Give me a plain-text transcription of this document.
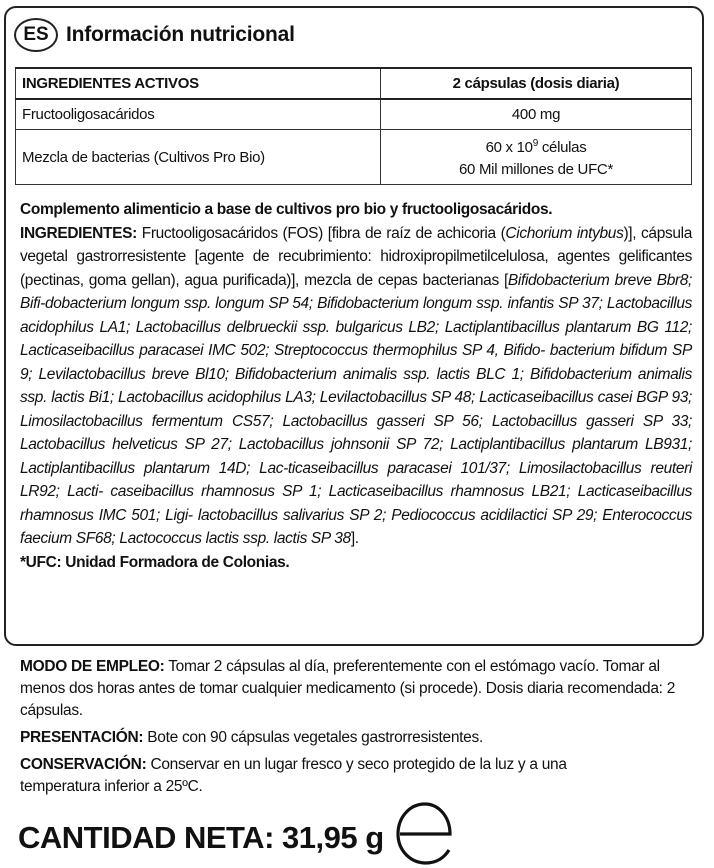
ES Información nutricional
INGREDIENTES ACTIVOS	2 cápsulas (dosis diaria)
Fructooligosacáridos	400 mg
Mezcla de bacterias (Cultivos Pro Bio)	60 x $10^9$ células
60 Mil millones de UFC*
Complemento alimenticio a base de cultivos pro bio y fructooligosacáridos.
INGREDIENTES: Fructooligosacáridos (FOS) [fibra de raíz de achicoria (Cichorium intybus)], cápsula vegetal gastrorresistente [agente de recubrimiento: hidroxipropilmetilcelulosa, agentes gelificantes (pectinas, goma gellan), agua purificada)], mezcla de cepas bacterianas [Bifidobacterium breve Bbr8; Bifi-dobacterium longum ssp. longum SP 54; Bifidobacterium longum ssp. infantis SP 37; Lactobacillus acidophilus LA1; Lactobacillus delbrueckii ssp. bulgaricus LB2; Lactiplantibacillus plantarum BG 112; Lacticaseibacillus paracasei IMC 502; Streptococcus thermophilus SP 4, Bifido- bacterium bifidum SP 9; Levilactobacillus breve Bl10; Bifidobacterium animalis ssp. lactis BLC 1; Bifidobacterium animalis ssp. lactis Bi1; Lactobacillus acidophilus LA3; Levilactobacillus SP 48; Lacticaseibacillus casei BGP 93; Limosilactobacillus fermentum CS57; Lactobacillus gasseri SP 56; Lactobacillus gasseri SP 33; Lactobacillus helveticus SP 27; Lactobacillus johnsonii SP 72; Lactiplantibacillus plantarum LB931; Lactiplantibacillus plantarum 14D; Lac-ticaseibacillus paracasei 101/37; Limosilactobacillus reuteri LR92; Lacti- caseibacillus rhamnosus SP 1; Lacticaseibacillus rhamnosus LB21; Lacticaseibacillus rhamnosus IMC 501; Ligi- lactobacillus salivarius SP 2; Pediococcus acidilactici SP 29; Enterococcus faecium SF68; Lactococcus lactis ssp. lactis SP 38].
*UFC: Unidad Formadora de Colonias.

MODO DE EMPLEO: Tomar 2 cápsulas al día, preferentemente con el estómago vacío. Tomar al menos dos horas antes de tomar cualquier medicamento (si procede). Dosis diaria recomendada: 2 cápsulas.

PRESENTACIÓN: Bote con 90 cápsulas vegetales gastrorresistentes.

CONSERVACIÓN: Conservar en un lugar fresco y seco protegido de la luz y a una temperatura inferior a 25ºC.

CANTIDAD NETA: 31,95 g
